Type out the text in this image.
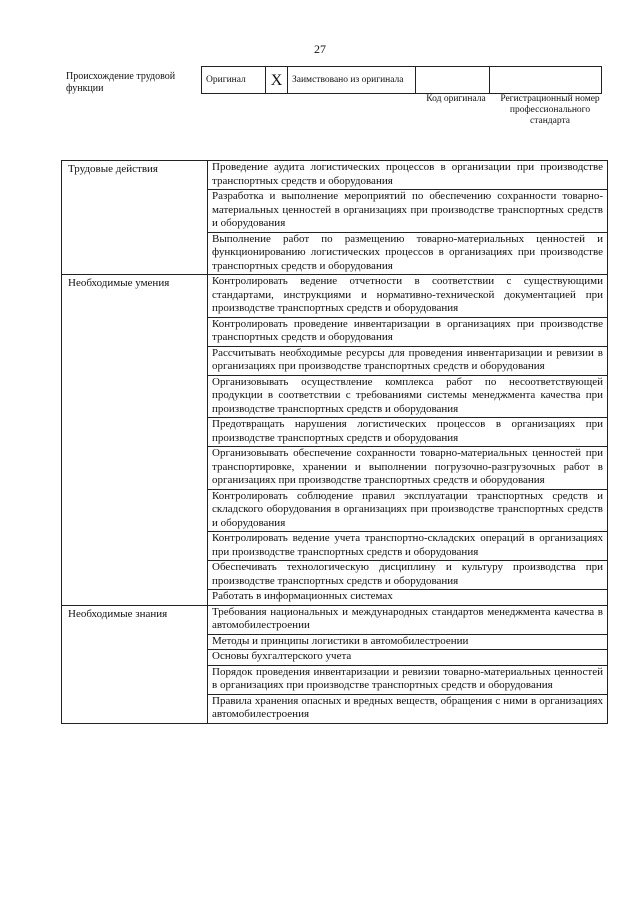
27
Происхождение трудовой функции
Оригинал	X	Заимствовано из оригинала		
Код оригинала	Регистрационный номер профессионального стандарта
Трудовые действия	Проведение аудита логистических процессов в организации при производстве транспортных средств и оборудования
	Разработка и выполнение мероприятий по обеспечению сохранности товарно-материальных ценностей в организациях при производстве транспортных средств и оборудования
	Выполнение работ по размещению товарно-материальных ценностей и функционированию логистических процессов в организациях при производстве транспортных средств и оборудования
Необходимые умения	Контролировать ведение отчетности в соответствии с существующими стандартами, инструкциями и нормативно-технической документацией при производстве транспортных средств и оборудования
	Контролировать проведение инвентаризации в организациях при производстве транспортных средств и оборудования
	Рассчитывать необходимые ресурсы для проведения инвентаризации и ревизии в организациях при производстве транспортных средств и оборудования
	Организовывать осуществление комплекса работ по несоответствующей продукции в соответствии с требованиями системы менеджмента качества при производстве транспортных средств и оборудования
	Предотвращать нарушения логистических процессов в организациях при производстве транспортных средств и оборудования
	Организовывать обеспечение сохранности товарно-материальных ценностей при транспортировке, хранении и выполнении погрузочно-разгрузочных работ в организациях при производстве транспортных средств и оборудования
	Контролировать соблюдение правил эксплуатации транспортных средств и складского оборудования в организациях при производстве транспортных средств и оборудования
	Контролировать ведение учета транспортно-складских операций в организациях при производстве транспортных средств и оборудования
	Обеспечивать технологическую дисциплину и культуру производства при производстве транспортных средств и оборудования
	Работать в информационных системах
Необходимые знания	Требования национальных и международных стандартов менеджмента качества в автомобилестроении
	Методы и принципы логистики в автомобилестроении
	Основы бухгалтерского учета
	Порядок проведения инвентаризации и ревизии товарно-материальных ценностей в организациях при производстве транспортных средств и оборудования
	Правила хранения опасных и вредных веществ, обращения с ними в организациях автомобилестроения
